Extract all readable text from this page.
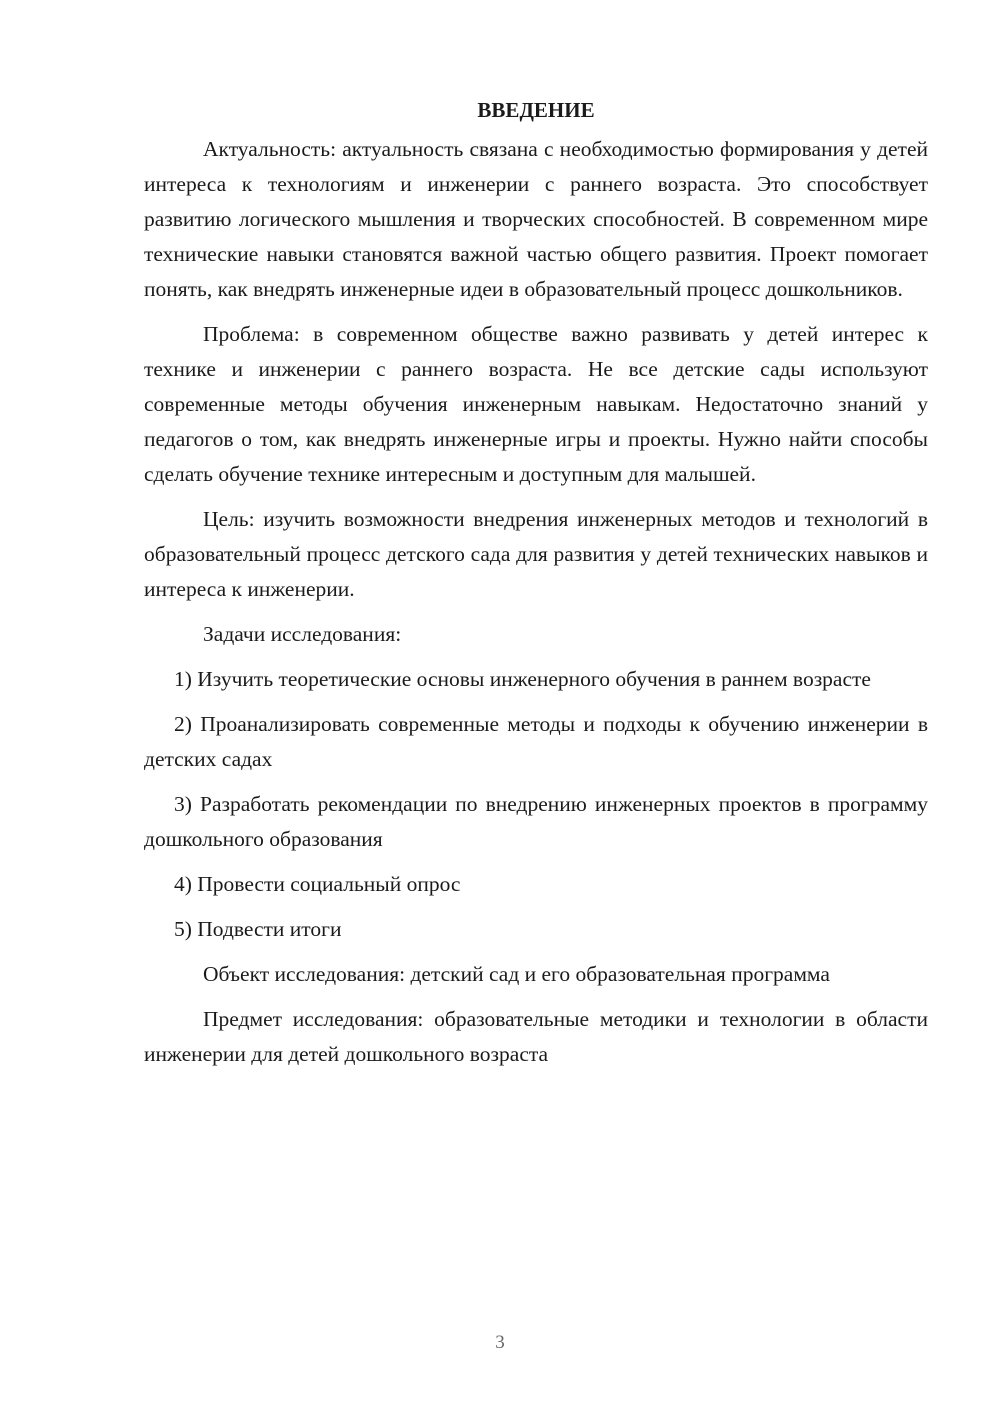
ВВЕДЕНИЕ

Актуальность: актуальность связана с необходимостью формирования у детей интереса к технологиям и инженерии с раннего возраста. Это способствует развитию логического мышления и творческих способностей. В современном мире технические навыки становятся важной частью общего развития. Проект помогает понять, как внедрять инженерные идеи в образовательный процесс дошкольников.

Проблема: в современном обществе важно развивать у детей интерес к технике и инженерии с раннего возраста. Не все детские сады используют современные методы обучения инженерным навыкам. Недостаточно знаний у педагогов о том, как внедрять инженерные игры и проекты. Нужно найти способы сделать обучение технике интересным и доступным для малышей.

Цель: изучить возможности внедрения инженерных методов и технологий в образовательный процесс детского сада для развития у детей технических навыков и интереса к инженерии.

Задачи исследования:

1) Изучить теоретические основы инженерного обучения в раннем возрасте

2) Проанализировать современные методы и подходы к обучению инженерии в детских садах

3) Разработать рекомендации по внедрению инженерных проектов в программу дошкольного образования

4) Провести социальный опрос

5) Подвести итоги

Объект исследования: детский сад и его образовательная программа

Предмет исследования: образовательные методики и технологии в области инженерии для детей дошкольного возраста

3
